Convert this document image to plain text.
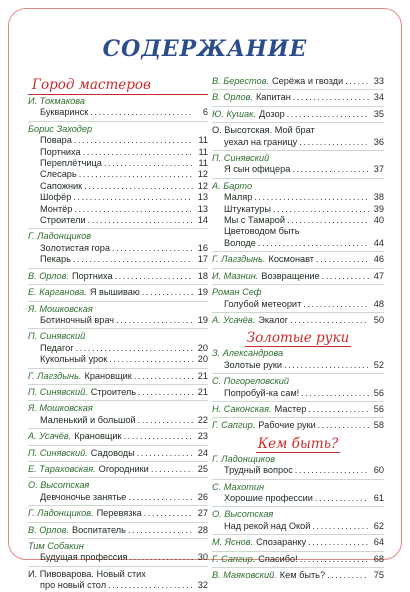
СОДЕРЖАНИЕ
Город мастеров
И. Токмакова
Букваринск . . .	6
Борис Заходер
Повара . . .	11
Портниха . . .	11
Переплётчица . . .	11
Слесарь . . .	12
Сапожник . . .	12
Шофёр . . .	13
Монтёр . . .	13
Строители . . .	14
Г. Ладонщиков
Золотистая гора . . .	16
Пекарь . . .	17
В. Орлов. Портниха . . .	18
Е. Карганова. Я вышиваю . . .	19
Я. Мошковская
Ботиночный врач . . .	19
П. Синявский
Педагог . . .	20
Кукольный урок . . .	20
Г. Лагздынь. Крановщик . . .	21
П. Синявский. Строитель . . .	21
Я. Мошковская
Маленький и большой . . .	22
А. Усачёв. Крановщик . . .	23
П. Синявский. Садоводы . . .	24
Е. Тараховская. Огородники . . .	25
О. Высотская
Девчоночье занятье . . .	26
Г. Ладонщиков. Перевязка . . .	27
В. Орлов. Воспитатель . . .	28
Тим Собакин
Будущая профессия . . .	30
И. Пивоварова. Новый стих
про новый стол . . .	32
В. Берестов. Серёжа и гвозди . . .	33
В. Орлов. Капитан . . .	34
Ю. Кушак. Дозор . . .	35
О. Высотская. Мой брат
уехал на границу . . .	36
П. Синявский
Я сын офицера . . .	37
А. Барто
Маляр . . .	38
Штукатуры . . .	39
Мы с Тамарой . . .	40
Цветоводом быть
Володе . . .	44
Г. Лагздынь. Космонавт . . .	46
И. Мазнин. Возвращение . . .	47
Роман Сеф
Голубой метеорит . . .	48
А. Усачёв. Экалог . . .	50
Золотые руки
З. Александрова
Золотые руки . . .	52
С. Погореловский
Попробуй-ка сам! . . .	56
Н. Саконская. Мастер . . .	56
Г. Сапгир. Рабочие руки . . .	58
Кем быть?
Г. Ладонщиков
Трудный вопрос . . .	60
С. Махотин
Хорошие профессии . . .	61
О. Высотская
Над рекой над Окой . . .	62
М. Яснов. Спозаранку . . .	64
Г. Сапгир. Спасибо! . . .	68
В. Маяковский. Кем быть? . . .	75
